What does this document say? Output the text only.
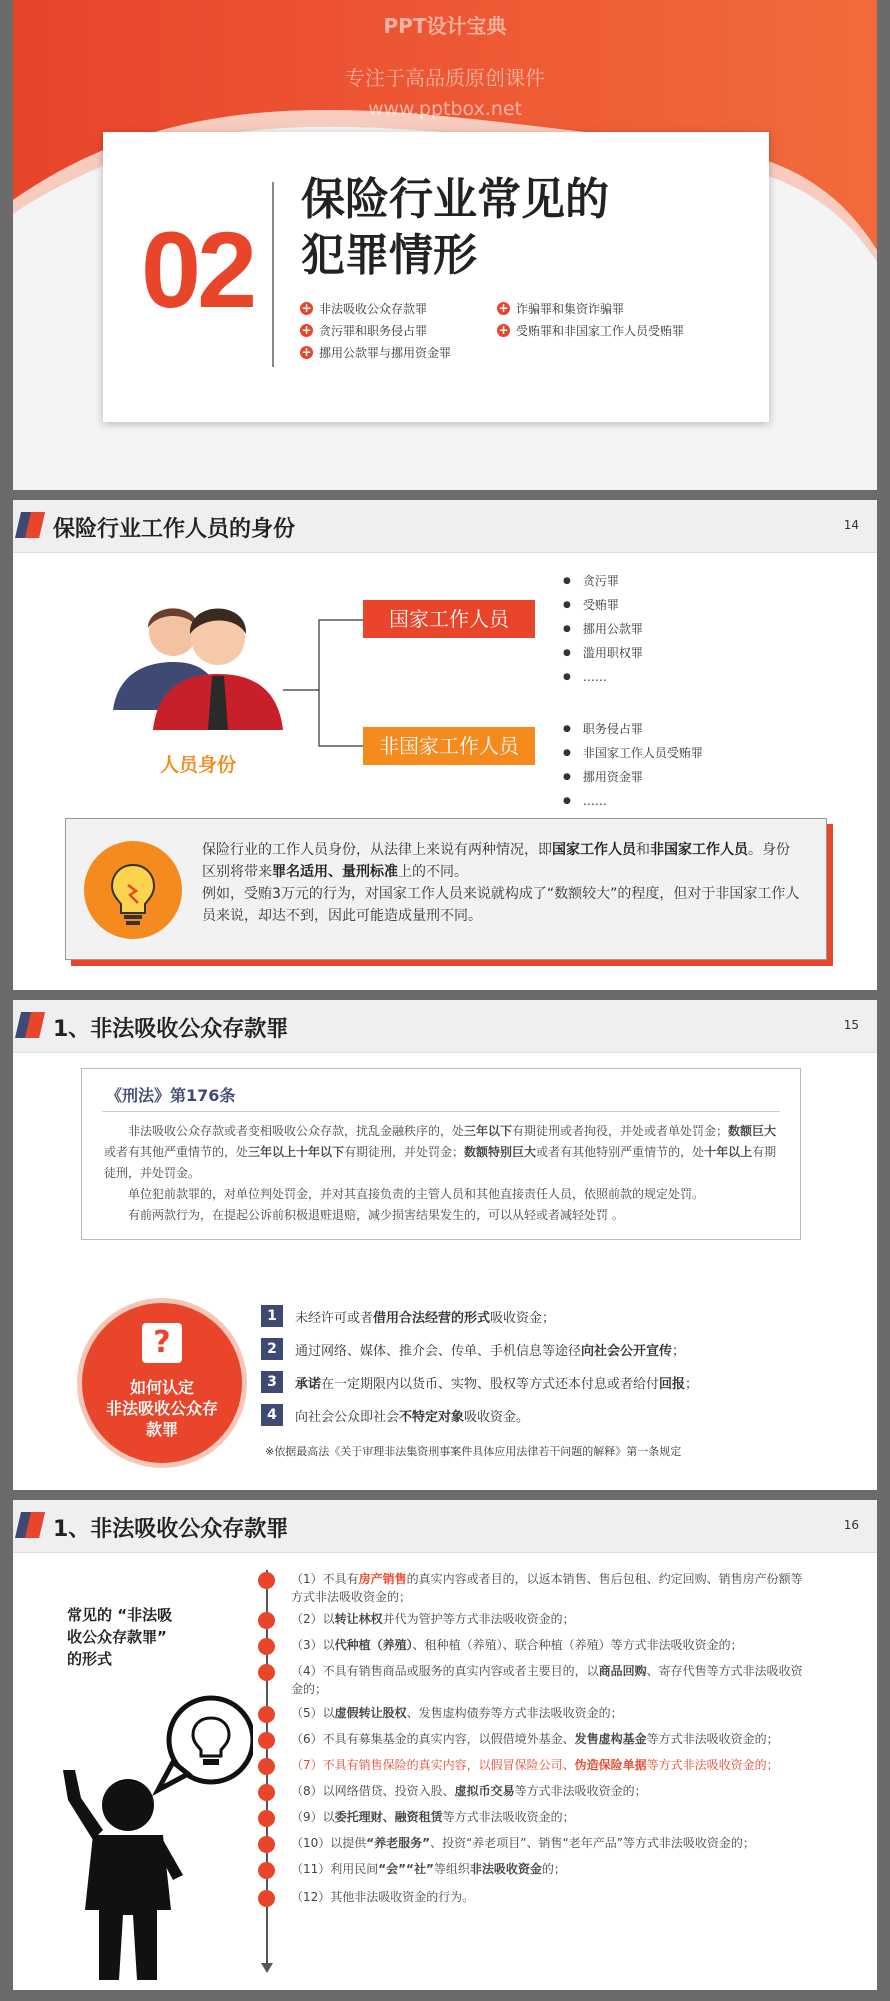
PPT设计宝典
专注于高品质原创课件
www.pptbox.net
02
保险行业常见的
犯罪情形
+ 非法吸收公众存款罪	+ 诈骗罪和集资诈骗罪
+ 贪污罪和职务侵占罪	+ 受贿罪和非国家工作人员受贿罪
+ 挪用公款罪与挪用资金罪
保险行业工作人员的身份	14
人员身份
国家工作人员
非国家工作人员
● 贪污罪
● 受贿罪
● 挪用公款罪
● 滥用职权罪
● ……
● 职务侵占罪
● 非国家工作人员受贿罪
● 挪用资金罪
● ……
保险行业的工作人员身份，从法律上来说有两种情况，即国家工作人员和非国家工作人员。身份区别将带来罪名适用、量刑标准上的不同。
例如，受贿3万元的行为，对国家工作人员来说就构成了“数额较大”的程度，但对于非国家工作人员来说，却达不到，因此可能造成量刑不同。
1、非法吸收公众存款罪	15
《刑法》第176条
非法吸收公众存款或者变相吸收公众存款，扰乱金融秩序的，处三年以下有期徒刑或者拘役，并处或者单处罚金；数额巨大或者有其他严重情节的，处三年以上十年以下有期徒刑，并处罚金；数额特别巨大或者有其他特别严重情节的，处十年以上有期徒刑，并处罚金。
单位犯前款罪的，对单位判处罚金，并对其直接负责的主管人员和其他直接责任人员，依照前款的规定处罚。
有前两款行为，在提起公诉前积极退赃退赔，减少损害结果发生的，可以从轻或者减轻处罚 。
?
如何认定
非法吸收公众存
款罪
1	未经许可或者 借用合法经营的形式 吸收资金；
2	通过网络、媒体、推介会、传单、手机信息等途径 向社会公开宣传 ；
3	承诺 在一定期限内以货币、实物、股权等方式还本付息或者给付 回报 ；
4	向社会公众即社会 不特定对象 吸收资金。
※依据最高法《关于审理非法集资刑事案件具体应用法律若干问题的解释》第一条规定
1、非法吸收公众存款罪	16
常见的 “非法吸
收公众存款罪”
的形式
（1）不具有房产销售的真实内容或者目的，以返本销售、售后包租、约定回购、销售房产份额等方式非法吸收资金的；
（2）以转让林权并代为管护等方式非法吸收资金的；
（3）以代种植（养殖）、租种植（养殖）、联合种植（养殖）等方式非法吸收资金的；
（4）不具有销售商品或服务的真实内容或者主要目的，以商品回购、寄存代售等方式非法吸收资金的；
（5）以虚假转让股权、发售虚构债券等方式非法吸收资金的；
（6）不具有募集基金的真实内容，以假借境外基金、发售虚构基金等方式非法吸收资金的；
（7）不具有销售保险的真实内容，以假冒保险公司、伪造保险单据等方式非法吸收资金的；
（8）以网络借贷、投资入股、虚拟币交易等方式非法吸收资金的；
（9）以委托理财、融资租赁等方式非法吸收资金的；
（10）以提供“养老服务”、投资“养老项目”、销售“老年产品”等方式非法吸收资金的；
（11）利用民间“会”“社”等组织非法吸收资金的；
（12）其他非法吸收资金的行为。
